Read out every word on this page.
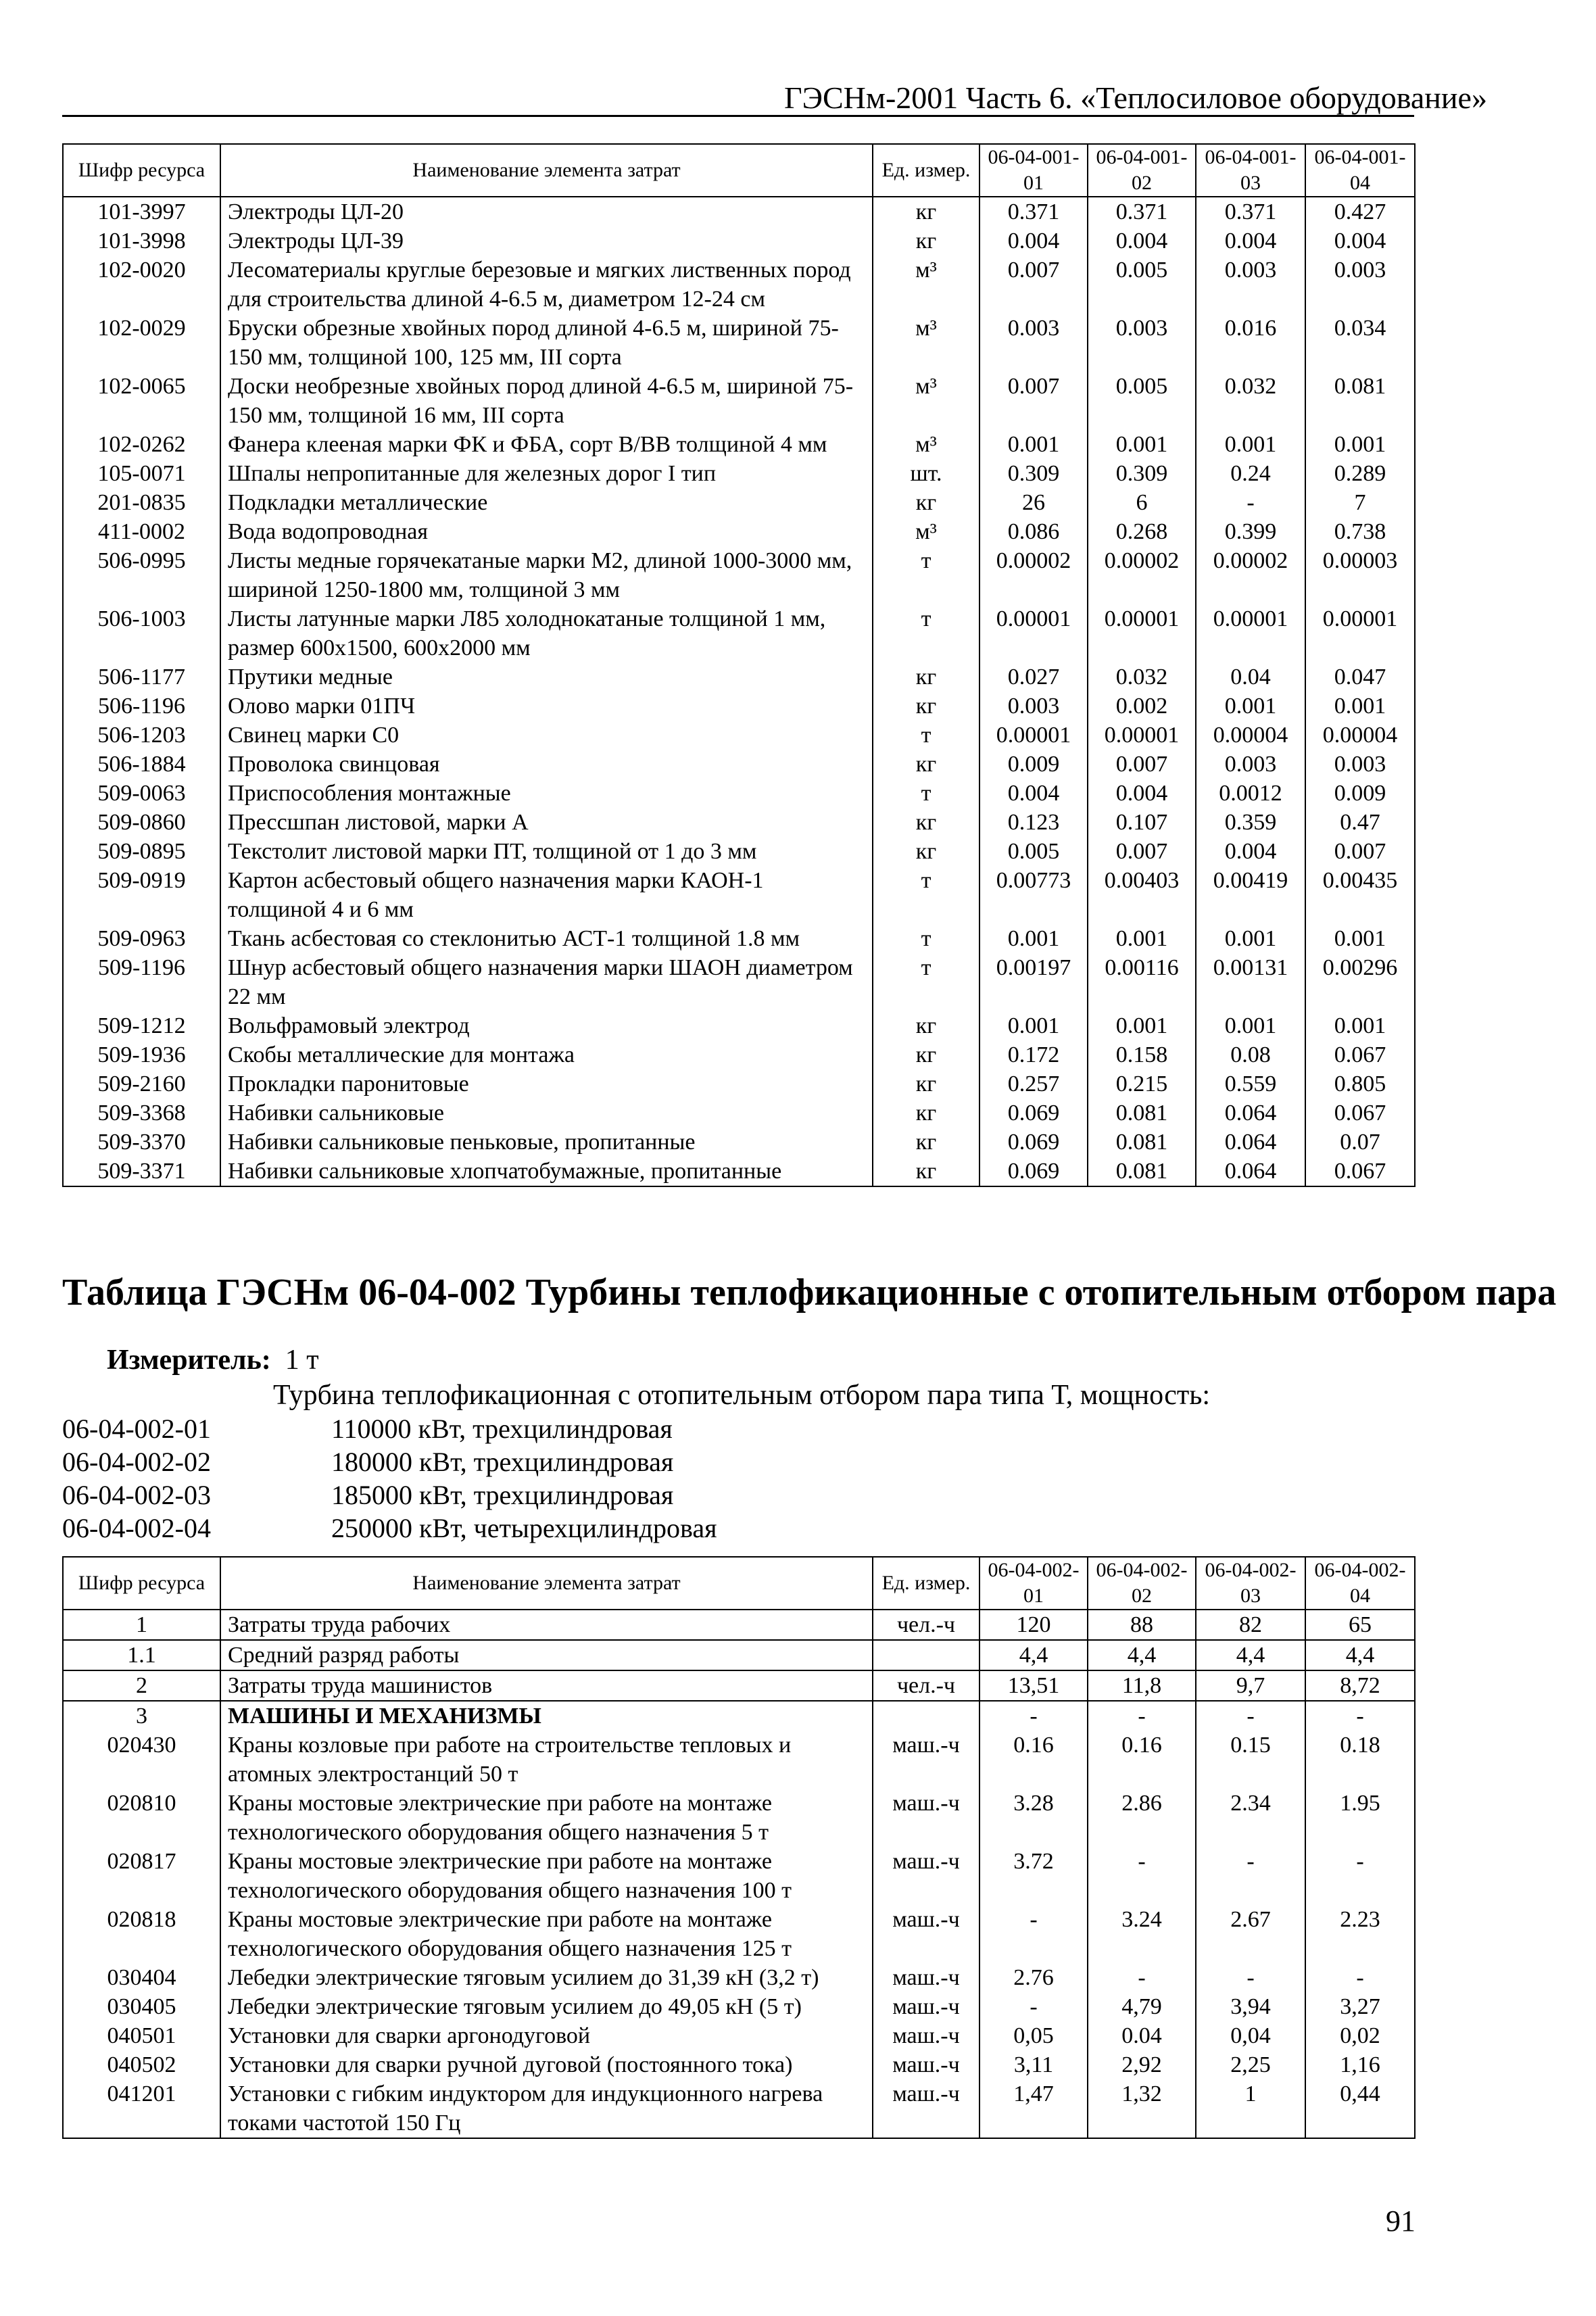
ГЭСНм-2001 Часть 6. «Теплосиловое оборудование»
Шифр ресурса	Наименование элемента затрат	Ед. измер.	06-04-001-01	06-04-001-02	06-04-001-03	06-04-001-04
101-3997	Электроды ЦЛ-20	кг	0.371	0.371	0.371	0.427
101-3998	Электроды ЦЛ-39	кг	0.004	0.004	0.004	0.004
102-0020	Лесоматериалы круглые березовые и мягких лиственных пород для строительства длиной 4-6.5 м, диаметром 12-24 см	м³	0.007	0.005	0.003	0.003
102-0029	Бруски обрезные хвойных пород длиной 4-6.5 м, шириной 75-150 мм, толщиной 100, 125 мм, III сорта	м³	0.003	0.003	0.016	0.034
102-0065	Доски необрезные хвойных пород длиной 4-6.5 м, шириной 75-150 мм, толщиной 16 мм, III сорта	м³	0.007	0.005	0.032	0.081
102-0262	Фанера клееная марки ФК и ФБА, сорт В/ВВ толщиной 4 мм	м³	0.001	0.001	0.001	0.001
105-0071	Шпалы непропитанные для железных дорог I тип	шт.	0.309	0.309	0.24	0.289
201-0835	Подкладки металлические	кг	26	6	-	7
411-0002	Вода водопроводная	м³	0.086	0.268	0.399	0.738
506-0995	Листы медные горячекатаные марки М2, длиной 1000-3000 мм, шириной 1250-1800 мм, толщиной 3 мм	т	0.00002	0.00002	0.00002	0.00003
506-1003	Листы латунные марки Л85 холоднокатаные толщиной 1 мм, размер 600х1500, 600х2000 мм	т	0.00001	0.00001	0.00001	0.00001
506-1177	Прутики медные	кг	0.027	0.032	0.04	0.047
506-1196	Олово марки 01ПЧ	кг	0.003	0.002	0.001	0.001
506-1203	Свинец марки С0	т	0.00001	0.00001	0.00004	0.00004
506-1884	Проволока свинцовая	кг	0.009	0.007	0.003	0.003
509-0063	Приспособления монтажные	т	0.004	0.004	0.0012	0.009
509-0860	Прессшпан листовой, марки А	кг	0.123	0.107	0.359	0.47
509-0895	Текстолит листовой марки ПТ, толщиной от 1 до 3 мм	кг	0.005	0.007	0.004	0.007
509-0919	Картон асбестовый общего назначения марки КАОН-1 толщиной 4 и 6 мм	т	0.00773	0.00403	0.00419	0.00435
509-0963	Ткань асбестовая со стеклонитью АСТ-1 толщиной 1.8 мм	т	0.001	0.001	0.001	0.001
509-1196	Шнур асбестовый общего назначения марки ШАОН диаметром 22 мм	т	0.00197	0.00116	0.00131	0.00296
509-1212	Вольфрамовый электрод	кг	0.001	0.001	0.001	0.001
509-1936	Скобы металлические для монтажа	кг	0.172	0.158	0.08	0.067
509-2160	Прокладки паронитовые	кг	0.257	0.215	0.559	0.805
509-3368	Набивки сальниковые	кг	0.069	0.081	0.064	0.067
509-3370	Набивки сальниковые пеньковые, пропитанные	кг	0.069	0.081	0.064	0.07
509-3371	Набивки сальниковые хлопчатобумажные, пропитанные	кг	0.069	0.081	0.064	0.067
Таблица ГЭСНм 06-04-002 Турбины теплофикационные с отопительным отбором пара
Измеритель: 1 т
Турбина теплофикационная с отопительным отбором пара типа Т, мощность:
06-04-002-01	110000 кВт, трехцилиндровая
06-04-002-02	180000 кВт, трехцилиндровая
06-04-002-03	185000 кВт, трехцилиндровая
06-04-002-04	250000 кВт, четырехцилиндровая
Шифр ресурса	Наименование элемента затрат	Ед. измер.	06-04-002-01	06-04-002-02	06-04-002-03	06-04-002-04
1	Затраты труда рабочих	чел.-ч	120	88	82	65
1.1	Средний разряд работы		4,4	4,4	4,4	4,4
2	Затраты труда машинистов	чел.-ч	13,51	11,8	9,7	8,72
3	МАШИНЫ И МЕХАНИЗМЫ		-	-	-	-
020430	Краны козловые при работе на строительстве тепловых и атомных электростанций 50 т	маш.-ч	0.16	0.16	0.15	0.18
020810	Краны мостовые электрические при работе на монтаже технологического оборудования общего назначения 5 т	маш.-ч	3.28	2.86	2.34	1.95
020817	Краны мостовые электрические при работе на монтаже технологического оборудования общего назначения 100 т	маш.-ч	3.72	-	-	-
020818	Краны мостовые электрические при работе на монтаже технологического оборудования общего назначения 125 т	маш.-ч	-	3.24	2.67	2.23
030404	Лебедки электрические тяговым усилием до 31,39 кН (3,2 т)	маш.-ч	2.76	-	-	-
030405	Лебедки электрические тяговым усилием до 49,05 кН (5 т)	маш.-ч	-	4,79	3,94	3,27
040501	Установки для сварки аргонодуговой	маш.-ч	0,05	0.04	0,04	0,02
040502	Установки для сварки ручной дуговой (постоянного тока)	маш.-ч	3,11	2,92	2,25	1,16
041201	Установки с гибким индуктором для индукционного нагрева токами частотой 150 Гц	маш.-ч	1,47	1,32	1	0,44
91
